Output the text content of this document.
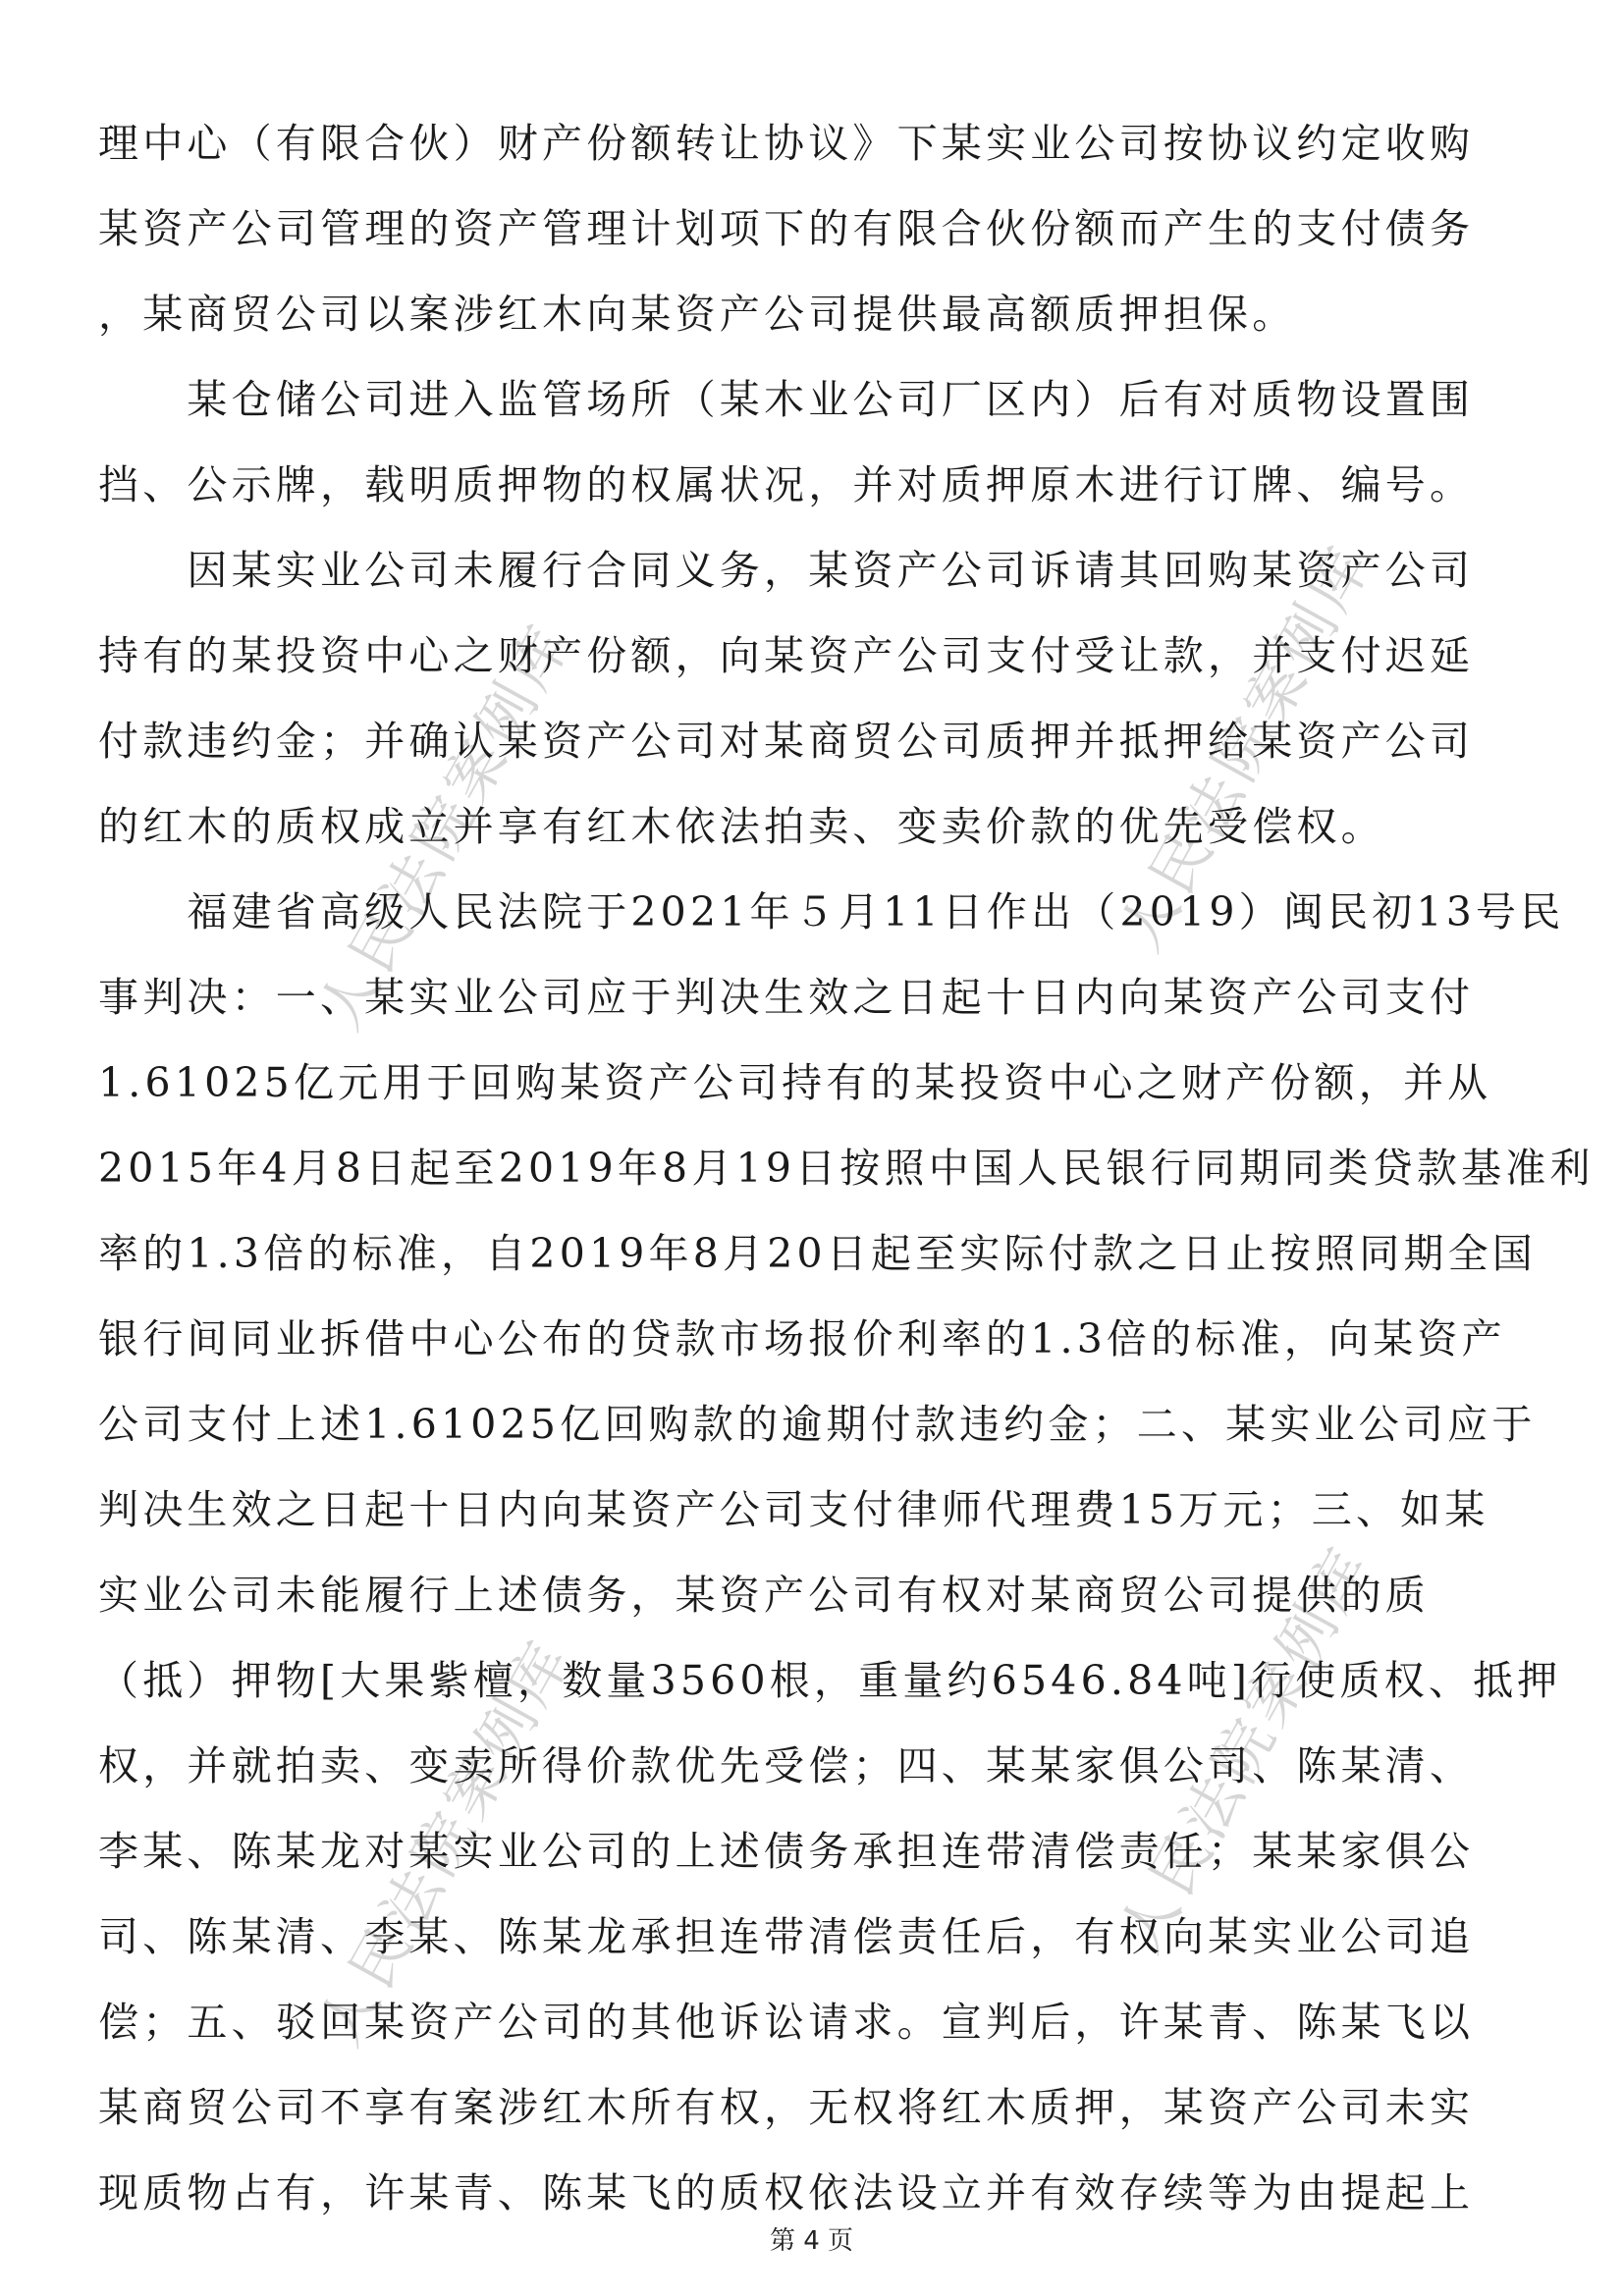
人民法院案例库	人民法院案例库
人民法院案例库	人民法院案例库
理中心（有限合伙）财产份额转让协议》下某实业公司按协议约定收购
某资产公司管理的资产管理计划项下的有限合伙份额而产生的支付债务
，某商贸公司以案涉红木向某资产公司提供最高额质押担保。
　　某仓储公司进入监管场所（某木业公司厂区内）后有对质物设置围
挡、公示牌，载明质押物的权属状况，并对质押原木进行订牌、编号。
　　因某实业公司未履行合同义务，某资产公司诉请其回购某资产公司
持有的某投资中心之财产份额，向某资产公司支付受让款，并支付迟延
付款违约金；并确认某资产公司对某商贸公司质押并抵押给某资产公司
的红木的质权成立并享有红木依法拍卖、变卖价款的优先受偿权。
　　福建省高级人民法院于2021年５月11日作出（2019）闽民初13号民
事判决：一、某实业公司应于判决生效之日起十日内向某资产公司支付
1.61025亿元用于回购某资产公司持有的某投资中心之财产份额，并从
2015年4月8日起至2019年8月19日按照中国人民银行同期同类贷款基准利
率的1.3倍的标准，自2019年8月20日起至实际付款之日止按照同期全国
银行间同业拆借中心公布的贷款市场报价利率的1.3倍的标准，向某资产
公司支付上述1.61025亿回购款的逾期付款违约金；二、某实业公司应于
判决生效之日起十日内向某资产公司支付律师代理费15万元；三、如某
实业公司未能履行上述债务，某资产公司有权对某商贸公司提供的质
（抵）押物[大果紫檀，数量3560根，重量约6546.84吨]行使质权、抵押
权，并就拍卖、变卖所得价款优先受偿；四、某某家俱公司、陈某清、
李某、陈某龙对某实业公司的上述债务承担连带清偿责任；某某家俱公
司、陈某清、李某、陈某龙承担连带清偿责任后，有权向某实业公司追
偿；五、驳回某资产公司的其他诉讼请求。宣判后，许某青、陈某飞以
某商贸公司不享有案涉红木所有权，无权将红木质押，某资产公司未实
现质物占有，许某青、陈某飞的质权依法设立并有效存续等为由提起上
第 4 页
